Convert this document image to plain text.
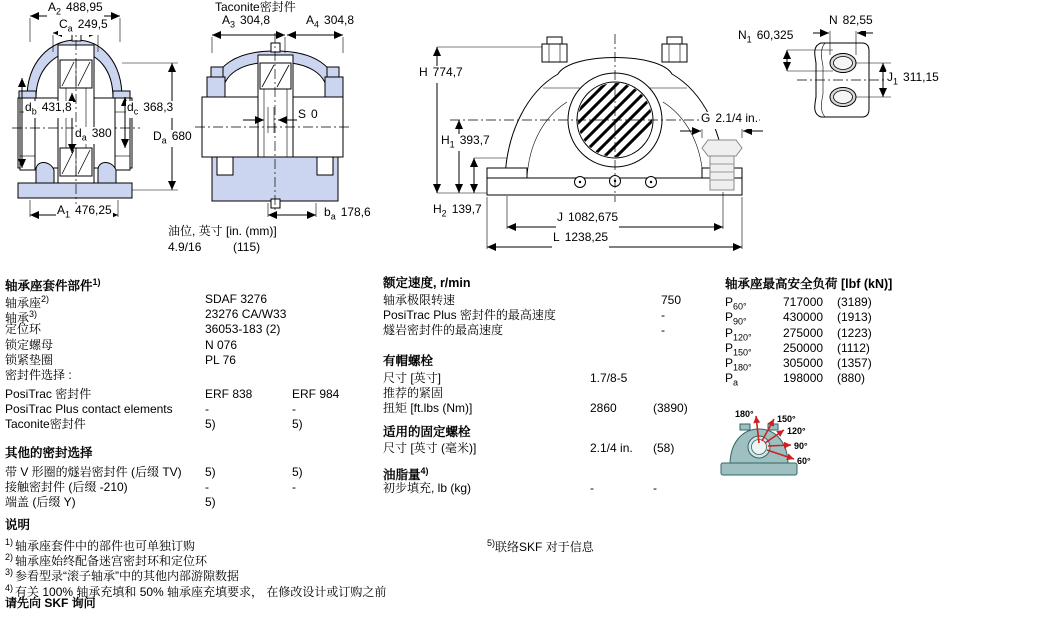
$A_2$ 488,95
$C_a$ 249,5
$d_b$ 431,8	$d_c$ 368,3
$d_a$ 380	$D_a$ 680
$A_1$ 476,25
Taconite密封件
$A_3$ 304,8	$A_4$ 304,8
S 0
$b_a$ 178,6
油位, 英寸 [in. (mm)]
4.9/16	(115)
H 774,7
$H_1$ 393,7
$H_2$ 139,7
G 2.1/4 in.
J 1082,675
L 1238,25
N 82,55
$N_1$ 60,325
$J_1$ 311,15
轴承座套件部件$^{1)}$
轴承座$^{2)}$	SDAF 3276
轴承$^{3)}$	23276 CA/W33
定位环	36053-183 (2)
锁定螺母	N 076
锁紧垫圈	PL 76
密封件选择 :
PosiTrac 密封件	ERF 838	ERF 984
PosiTrac Plus contact elements	-	-
Taconite密封件	5)	5)
其他的密封选择
带 V 形圈的燧岩密封件 (后缀 TV) 5)	5)
接触密封件 (后缀 -210)	-	-
端盖 (后缀 Y)	5)
说明
$^{1)}$ 轴承座套件中的部件也可单独订购
$^{2)}$ 轴承座始终配备迷宫密封环和定位环
$^{3)}$ 参看型录“滚子轴承”中的其他内部游隙数据
$^{4)}$ 有关 100% 轴承充填和 50% 轴承座充填要求， 在修改设计或订购之前
请先向 SKF 询问
额定速度, r/min
轴承极限转速	750
PosiTrac Plus 密封件的最高速度	-
燧岩密封件的最高速度	-
有帽螺栓
尺寸 [英寸]	1.7/8-5
推荐的紧固
扭矩 [ft.lbs (Nm)]	2860	(3890)
适用的固定螺栓
尺寸 [英寸 (毫米)]	2.1/4 in. (58)
油脂量$^{4)}$
初步填充, lb (kg)	-	-
$^{5)}$联络SKF 对于信息
轴承座最高安全负荷 [lbf (kN)]
$P_{60^\circ}$	717000 (3189)
$P_{90^\circ}$	430000 (1913)
$P_{120^\circ}$	275000 (1223)
$P_{150^\circ}$	250000 (1112)
$P_{180^\circ}$	305000 (1357)
$P_a$	198000 (880)
180°	150°
120°
90°
60°
